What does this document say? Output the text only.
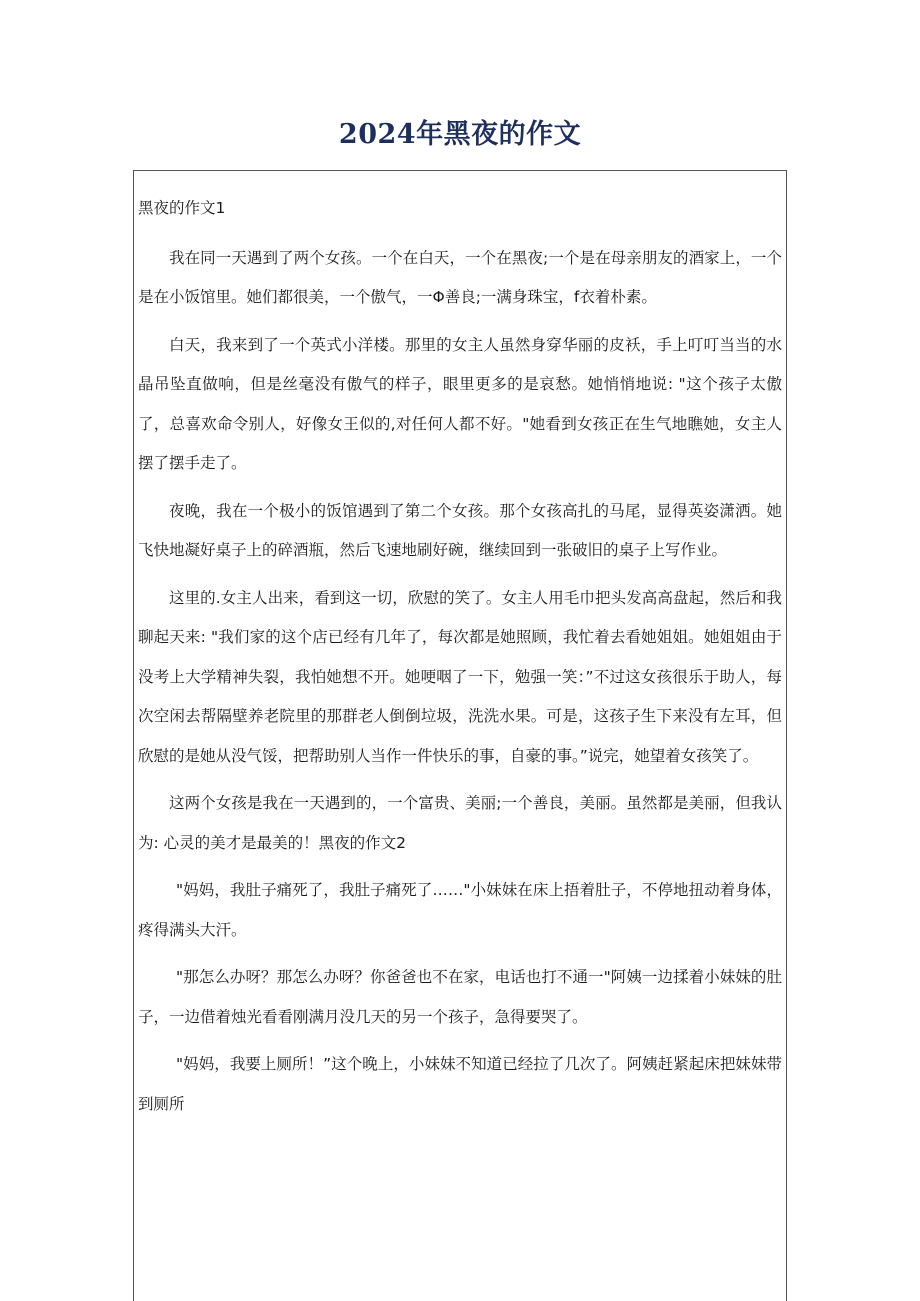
2024年黑夜的作文

黑夜的作文1

我在同一天遇到了两个女孩。一个在白天，一个在黑夜;一个是在母亲朋友的酒家上，一个是在小饭馆里。她们都很美，一个傲气，一Φ善良;一满身珠宝，f衣着朴素。

白天，我来到了一个英式小洋楼。那里的女主人虽然身穿华丽的皮袄，手上叮叮当当的水晶吊坠直做响，但是丝毫没有傲气的样子，眼里更多的是哀愁。她悄悄地说: "这个孩子太傲了，总喜欢命令别人，好像女王似的,对任何人都不好。"她看到女孩正在生气地瞧她，女主人摆了摆手走了。

夜晚，我在一个极小的饭馆遇到了第二个女孩。那个女孩高扎的马尾，显得英姿潇洒。她飞快地凝好桌子上的碎酒瓶，然后飞速地刷好碗，继续回到一张破旧的桌子上写作业。

这里的.女主人出来，看到这一切，欣慰的笑了。女主人用毛巾把头发高高盘起，然后和我聊起天来: "我们家的这个店已经有几年了，每次都是她照顾，我忙着去看她姐姐。她姐姐由于没考上大学精神失裂，我怕她想不开。她哽咽了一下，勉强一笑：”不过这女孩很乐于助人，每次空闲去帮隔壁养老院里的那群老人倒倒垃圾，洗洗水果。可是，这孩子生下来没有左耳，但欣慰的是她从没气馁，把帮助别人当作一件快乐的事，自豪的事。”说完，她望着女孩笑了。

这两个女孩是我在一天遇到的，一个富贵、美丽;一个善良，美丽。虽然都是美丽，但我认为: 心灵的美才是最美的！黑夜的作文2

"妈妈，我肚子痛死了，我肚子痛死了……"小妹妹在床上捂着肚子，不停地扭动着身体，疼得满头大汗。

"那怎么办呀？那怎么办呀？你爸爸也不在家，电话也打不通一"阿姨一边揉着小妹妹的肚子，一边借着烛光看看刚满月没几天的另一个孩子，急得要哭了。

"妈妈，我要上厕所！”这个晚上，小妹妹不知道已经拉了几次了。阿姨赶紧起床把妹妹带到厕所
